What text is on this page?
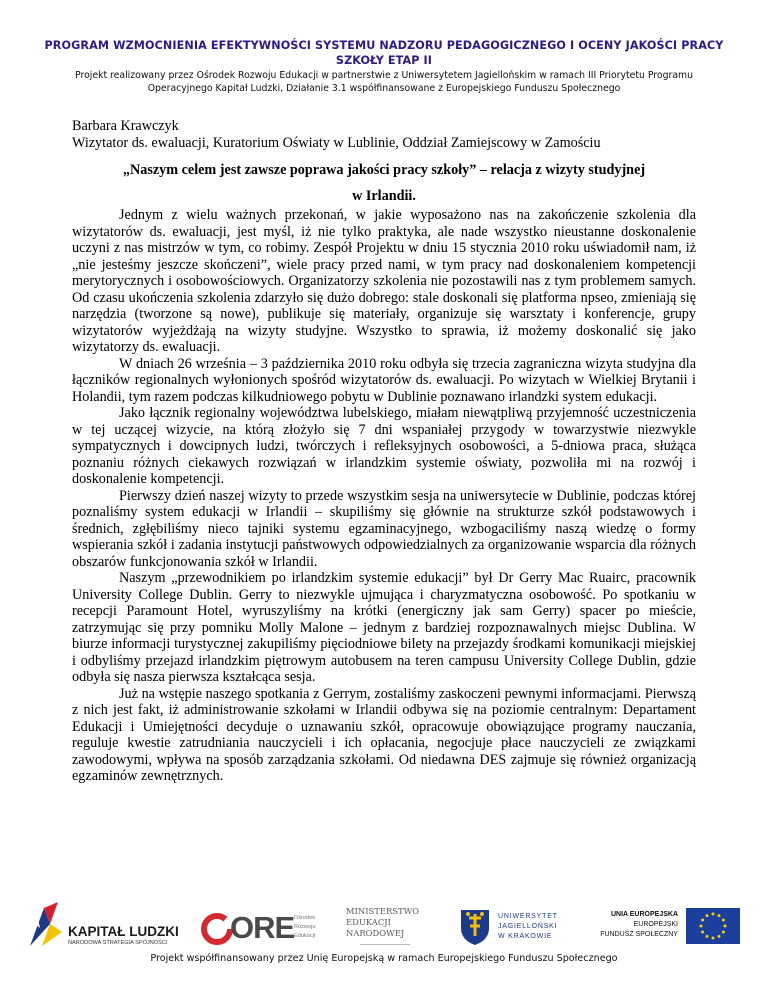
PROGRAM WZMOCNIENIA EFEKTYWNOŚCI SYSTEMU NADZORU PEDAGOGICZNEGO I OCENY JAKOŚCI PRACY SZKOŁY ETAP II
Projekt realizowany przez Ośrodek Rozwoju Edukacji w partnerstwie z Uniwersytetem Jagiellońskim w ramach III Priorytetu Programu Operacyjnego Kapitał Ludzki, Działanie 3.1 współfinansowane z Europejskiego Funduszu Społecznego
Barbara Krawczyk
Wizytator ds. ewaluacji, Kuratorium Oświaty w Lublinie, Oddział Zamiejscowy w Zamościu
„Naszym celem jest zawsze poprawa jakości pracy szkoły” – relacja z wizyty studyjnej
w Irlandii.

Jednym z wielu ważnych przekonań, w jakie wyposażono nas na zakończenie szkolenia dla wizytatorów ds. ewaluacji, jest myśl, iż nie tylko praktyka, ale nade wszystko nieustanne doskonalenie uczyni z nas mistrzów w tym, co robimy. Zespół Projektu w dniu 15 stycznia 2010 roku uświadomił nam, iż „nie jesteśmy jeszcze skończeni”, wiele pracy przed nami, w tym pracy nad doskonaleniem kompetencji merytorycznych i osobowościowych. Organizatorzy szkolenia nie pozostawili nas z tym problemem samych. Od czasu ukończenia szkolenia zdarzyło się dużo dobrego: stale doskonali się platforma npseo, zmieniają się narzędzia (tworzone są nowe), publikuje się materiały, organizuje się warsztaty i konferencje, grupy wizytatorów wyjeżdżają na wizyty studyjne. Wszystko to sprawia, iż możemy doskonalić się jako wizytatorzy ds. ewaluacji.

W dniach 26 września – 3 października 2010 roku odbyła się trzecia zagraniczna wizyta studyjna dla łączników regionalnych wyłonionych spośród wizytatorów ds. ewaluacji. Po wizytach w Wielkiej Brytanii i Holandii, tym razem podczas kilkudniowego pobytu w Dublinie poznawano irlandzki system edukacji.

Jako łącznik regionalny województwa lubelskiego, miałam niewątpliwą przyjemność uczestniczenia w tej uczącej wizycie, na którą złożyło się 7 dni wspaniałej przygody w towarzystwie niezwykle sympatycznych i dowcipnych ludzi, twórczych i refleksyjnych osobowości, a 5-dniowa praca, służąca poznaniu różnych ciekawych rozwiązań w irlandzkim systemie oświaty, pozwoliła mi na rozwój i doskonalenie kompetencji.

Pierwszy dzień naszej wizyty to przede wszystkim sesja na uniwersytecie w Dublinie, podczas której poznaliśmy system edukacji w Irlandii – skupiliśmy się głównie na strukturze szkół podstawowych i średnich, zgłębiliśmy nieco tajniki systemu egzaminacyjnego, wzbogaciliśmy naszą wiedzę o formy wspierania szkół i zadania instytucji państwowych odpowiedzialnych za organizowanie wsparcia dla różnych obszarów funkcjonowania szkół w Irlandii.

Naszym „przewodnikiem po irlandzkim systemie edukacji” był Dr Gerry Mac Ruairc, pracownik University College Dublin. Gerry to niezwykle ujmująca i charyzmatyczna osobowość. Po spotkaniu w recepcji Paramount Hotel, wyruszyliśmy na krótki (energiczny jak sam Gerry) spacer po mieście, zatrzymując się przy pomniku Molly Malone – jednym z bardziej rozpoznawalnych miejsc Dublina. W biurze informacji turystycznej zakupiliśmy pięciodniowe bilety na przejazdy środkami komunikacji miejskiej i odbyliśmy przejazd irlandzkim piętrowym autobusem na teren campusu University College Dublin, gdzie odbyła się nasza pierwsza kształcąca sesja.

Już na wstępie naszego spotkania z Gerrym, zostaliśmy zaskoczeni pewnymi informacjami. Pierwszą z nich jest fakt, iż administrowanie szkołami w Irlandii odbywa się na poziomie centralnym: Departament Edukacji i Umiejętności decyduje o uznawaniu szkół, opracowuje obowiązujące programy nauczania, reguluje kwestie zatrudniania nauczycieli i ich opłacania, negocjuje płace nauczycieli ze związkami zawodowymi, wpływa na sposób zarządzania szkołami. Od niedawna DES zajmuje się również organizacją egzaminów zewnętrznych.

KAPITAŁ LUDZKI
NARODOWA STRATEGIA SPÓJNOŚCI ORE Ośrodek
Rozwoju
Edukacji
MINISTERSTWO
EDUKACJI
NARODOWEJ
UNIWERSYTET
JAGIELLOŃSKI
W KRAKOWIE
UNIA EUROPEJSKA
EUROPEJSKI
FUNDUSZ SPOŁECZNY
Projekt współfinansowany przez Unię Europejską w ramach Europejskiego Funduszu Społecznego
